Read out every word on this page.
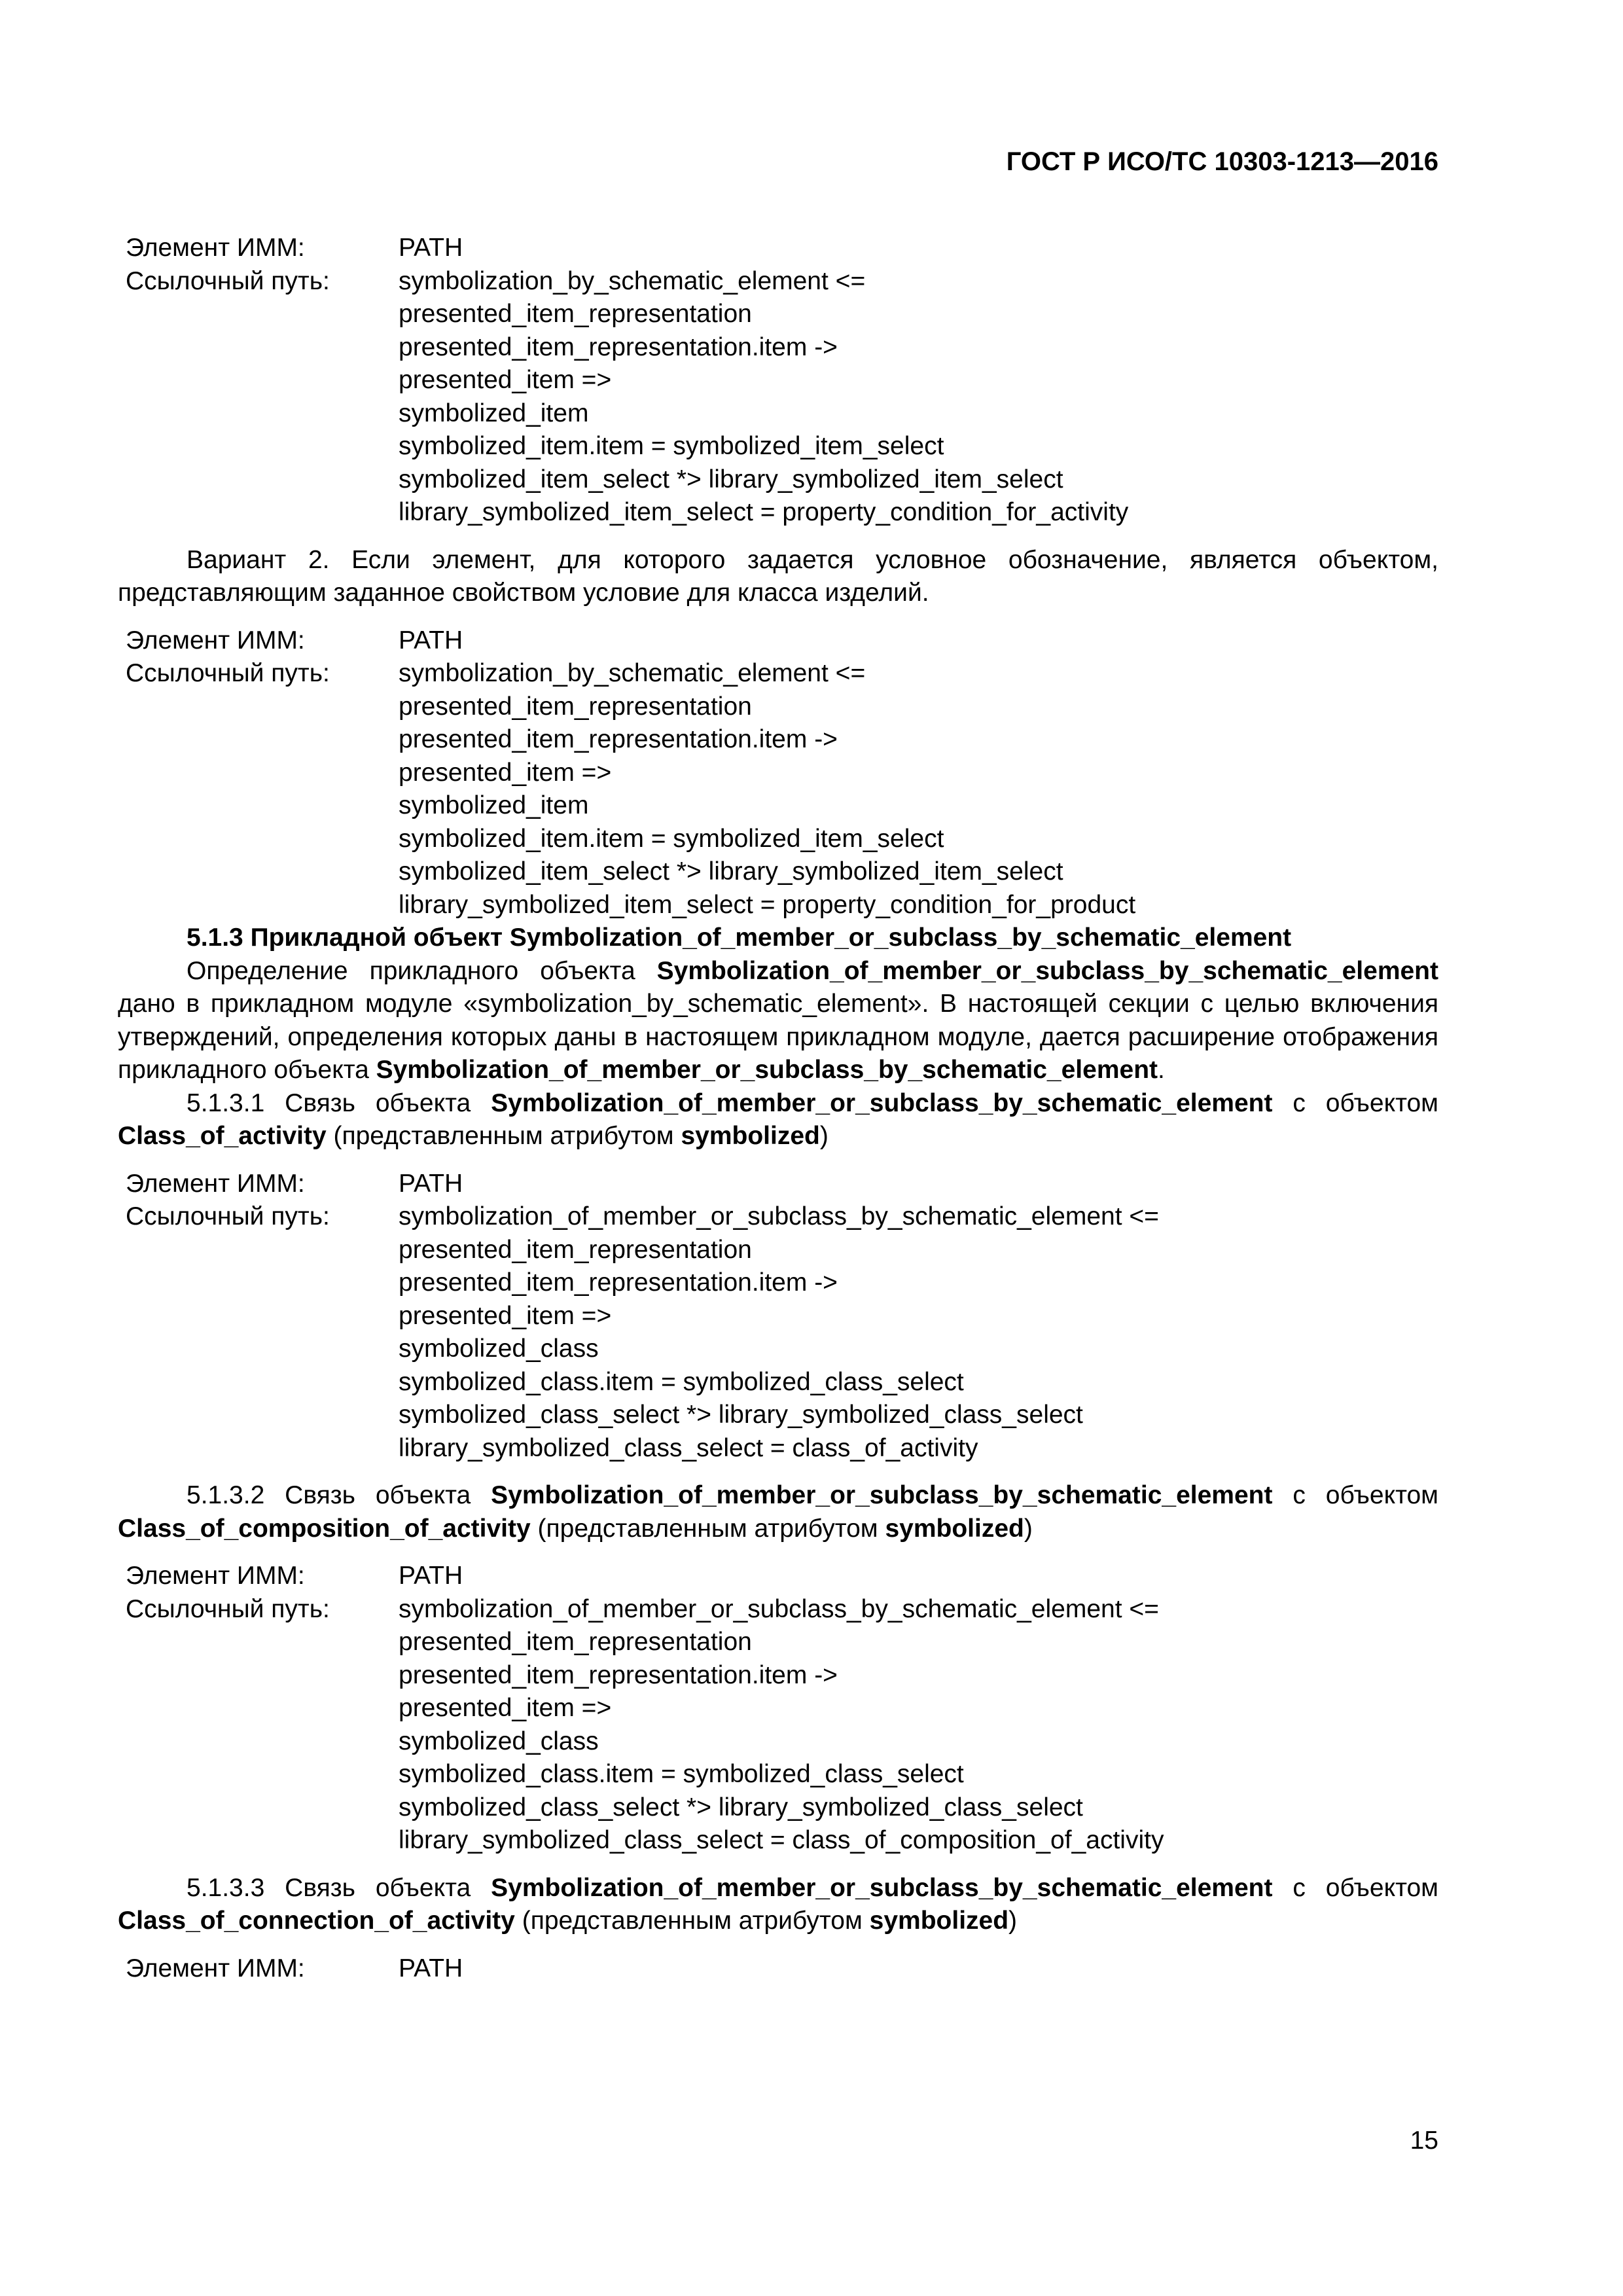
ГОСТ Р ИСО/ТС 10303-1213—2016
Элемент ИММ:	PATH
Ссылочный путь:	symbolization_by_schematic_element <=
presented_item_representation
presented_item_representation.item ->
presented_item =>
symbolized_item
symbolized_item.item = symbolized_item_select
symbolized_item_select *> library_symbolized_item_select
library_symbolized_item_select = property_condition_for_activity

Вариант 2. Если элемент, для которого задается условное обозначение, является объектом, представляющим заданное свойством условие для класса изделий.

Элемент ИММ:	PATH
Ссылочный путь:	symbolization_by_schematic_element <=
presented_item_representation
presented_item_representation.item ->
presented_item =>
symbolized_item
symbolized_item.item = symbolized_item_select
symbolized_item_select *> library_symbolized_item_select
library_symbolized_item_select = property_condition_for_product

5.1.3 Прикладной объект Symbolization_of_member_or_subclass_by_schematic_element

Определение прикладного объекта Symbolization_of_member_or_subclass_by_schematic_element дано в прикладном модуле «symbolization_by_schematic_element». В настоящей секции с целью включения утверждений, определения которых даны в настоящем прикладном модуле, дается расширение отображения прикладного объекта Symbolization_of_member_or_subclass_by_schematic_element.

5.1.3.1 Связь объекта Symbolization_of_member_or_subclass_by_schematic_element с объектом Class_of_activity (представленным атрибутом symbolized)

Элемент ИММ:	PATH
Ссылочный путь:	symbolization_of_member_or_subclass_by_schematic_element <=
presented_item_representation
presented_item_representation.item ->
presented_item =>
symbolized_class
symbolized_class.item = symbolized_class_select
symbolized_class_select *> library_symbolized_class_select
library_symbolized_class_select = class_of_activity

5.1.3.2 Связь объекта Symbolization_of_member_or_subclass_by_schematic_element с объектом Class_of_composition_of_activity (представленным атрибутом symbolized)

Элемент ИММ:	PATH
Ссылочный путь:	symbolization_of_member_or_subclass_by_schematic_element <=
presented_item_representation
presented_item_representation.item ->
presented_item =>
symbolized_class
symbolized_class.item = symbolized_class_select
symbolized_class_select *> library_symbolized_class_select
library_symbolized_class_select = class_of_composition_of_activity

5.1.3.3 Связь объекта Symbolization_of_member_or_subclass_by_schematic_element с объектом Class_of_connection_of_activity (представленным атрибутом symbolized)

Элемент ИММ:	PATH
15
